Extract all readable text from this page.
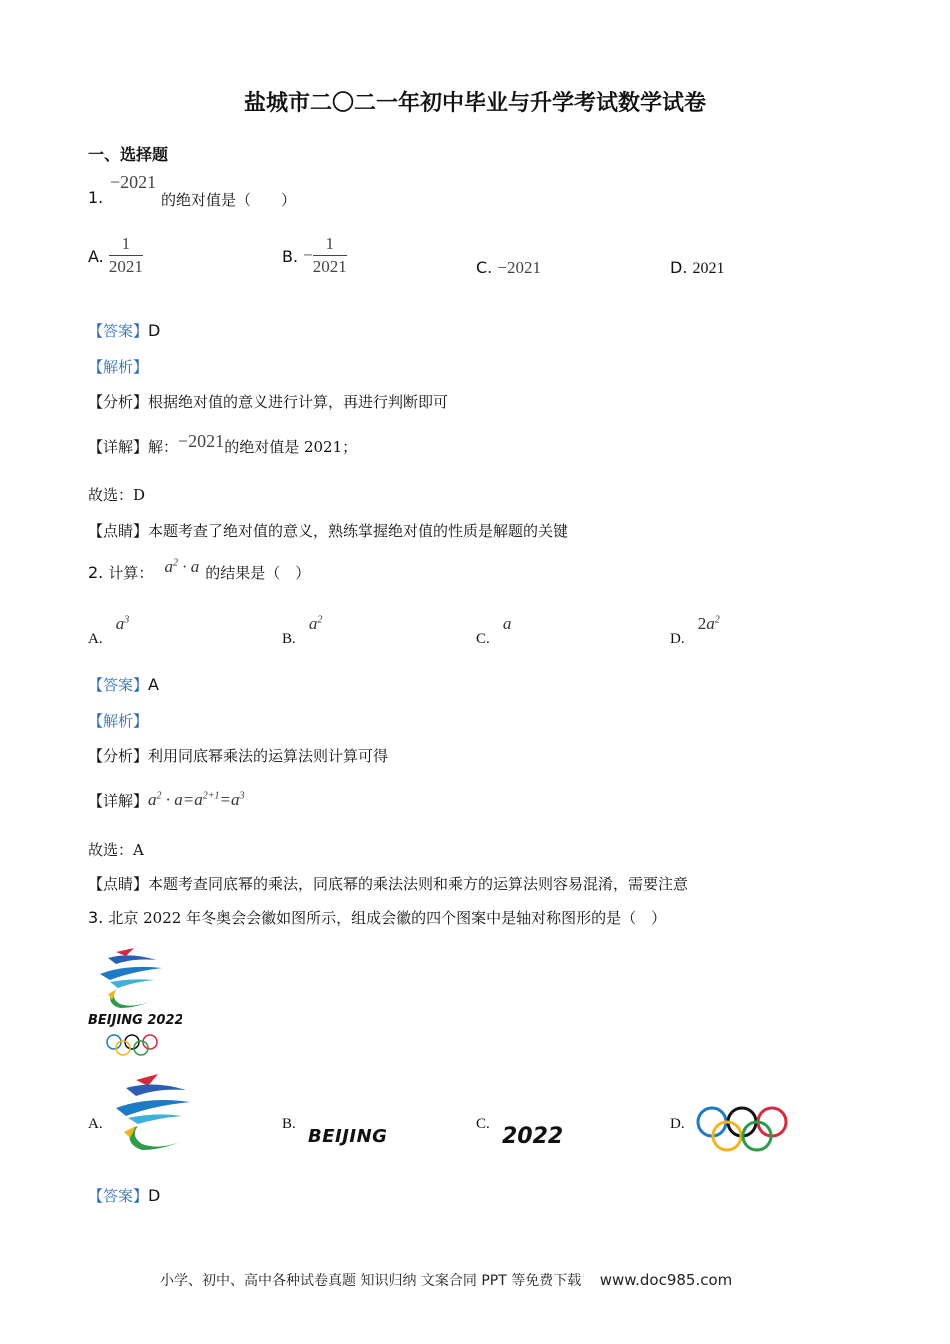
盐城市二〇二一年初中毕业与升学考试数学试卷
一、选择题
1.
−2021
的绝对值是（　　）
A. $\frac{1}{2021}$	B. − $\frac{1}{2021}$	C. −2021	D. 2021
【答案】D
【解析】
【分析】根据绝对值的意义进行计算，再进行判断即可
【详解】解：−2021的绝对值是 2021；
故选：D
【点睛】本题考查了绝对值的意义，熟练掌握绝对值的性质是解题的关键
2. 计算： $a^2 \cdot a$ 的结果是（　）
A. $a^3$
B. $a^2$
C. a
D. $2a^2$
【答案】A
【解析】
【分析】利用同底幂乘法的运算法则计算可得
【详解】$a^2 \cdot a=a^{2+1}=a^3$
故选：A
【点睛】本题考查同底幂的乘法，同底幂的乘法法则和乘方的运算法则容易混淆，需要注意
3. 北京 2022 年冬奥会会徽如图所示，组成会徽的四个图案中是轴对称图形的是（　）
BEIJING 2022
A.	B.
BEIJING
C. 2022	D.
【答案】D
小学、初中、高中各种试卷真题 知识归纳 文案合同 PPT 等免费下载 www.doc985.com
